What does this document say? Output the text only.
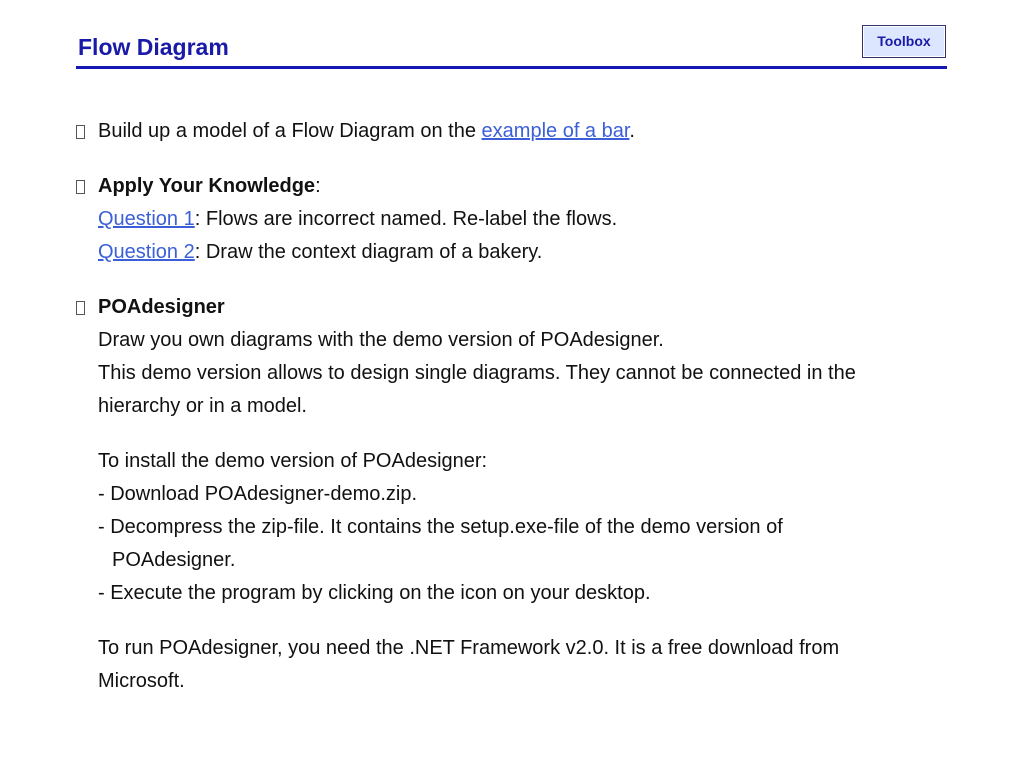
Flow Diagram	Toolbox
Build up a model of a Flow Diagram on the example of a bar.
Apply Your Knowledge:
Question 1: Flows are incorrect named. Re-label the flows.
Question 2: Draw the context diagram of a bakery.
POAdesigner
Draw you own diagrams with the demo version of POAdesigner.
This demo version allows to design single diagrams. They cannot be connected in the
hierarchy or in a model.
To install the demo version of POAdesigner:
- Download POAdesigner-demo.zip.
- Decompress the zip-file. It contains the setup.exe-file of the demo version of
POAdesigner.
- Execute the program by clicking on the icon on your desktop.
To run POAdesigner, you need the .NET Framework v2.0. It is a free download from
Microsoft.
